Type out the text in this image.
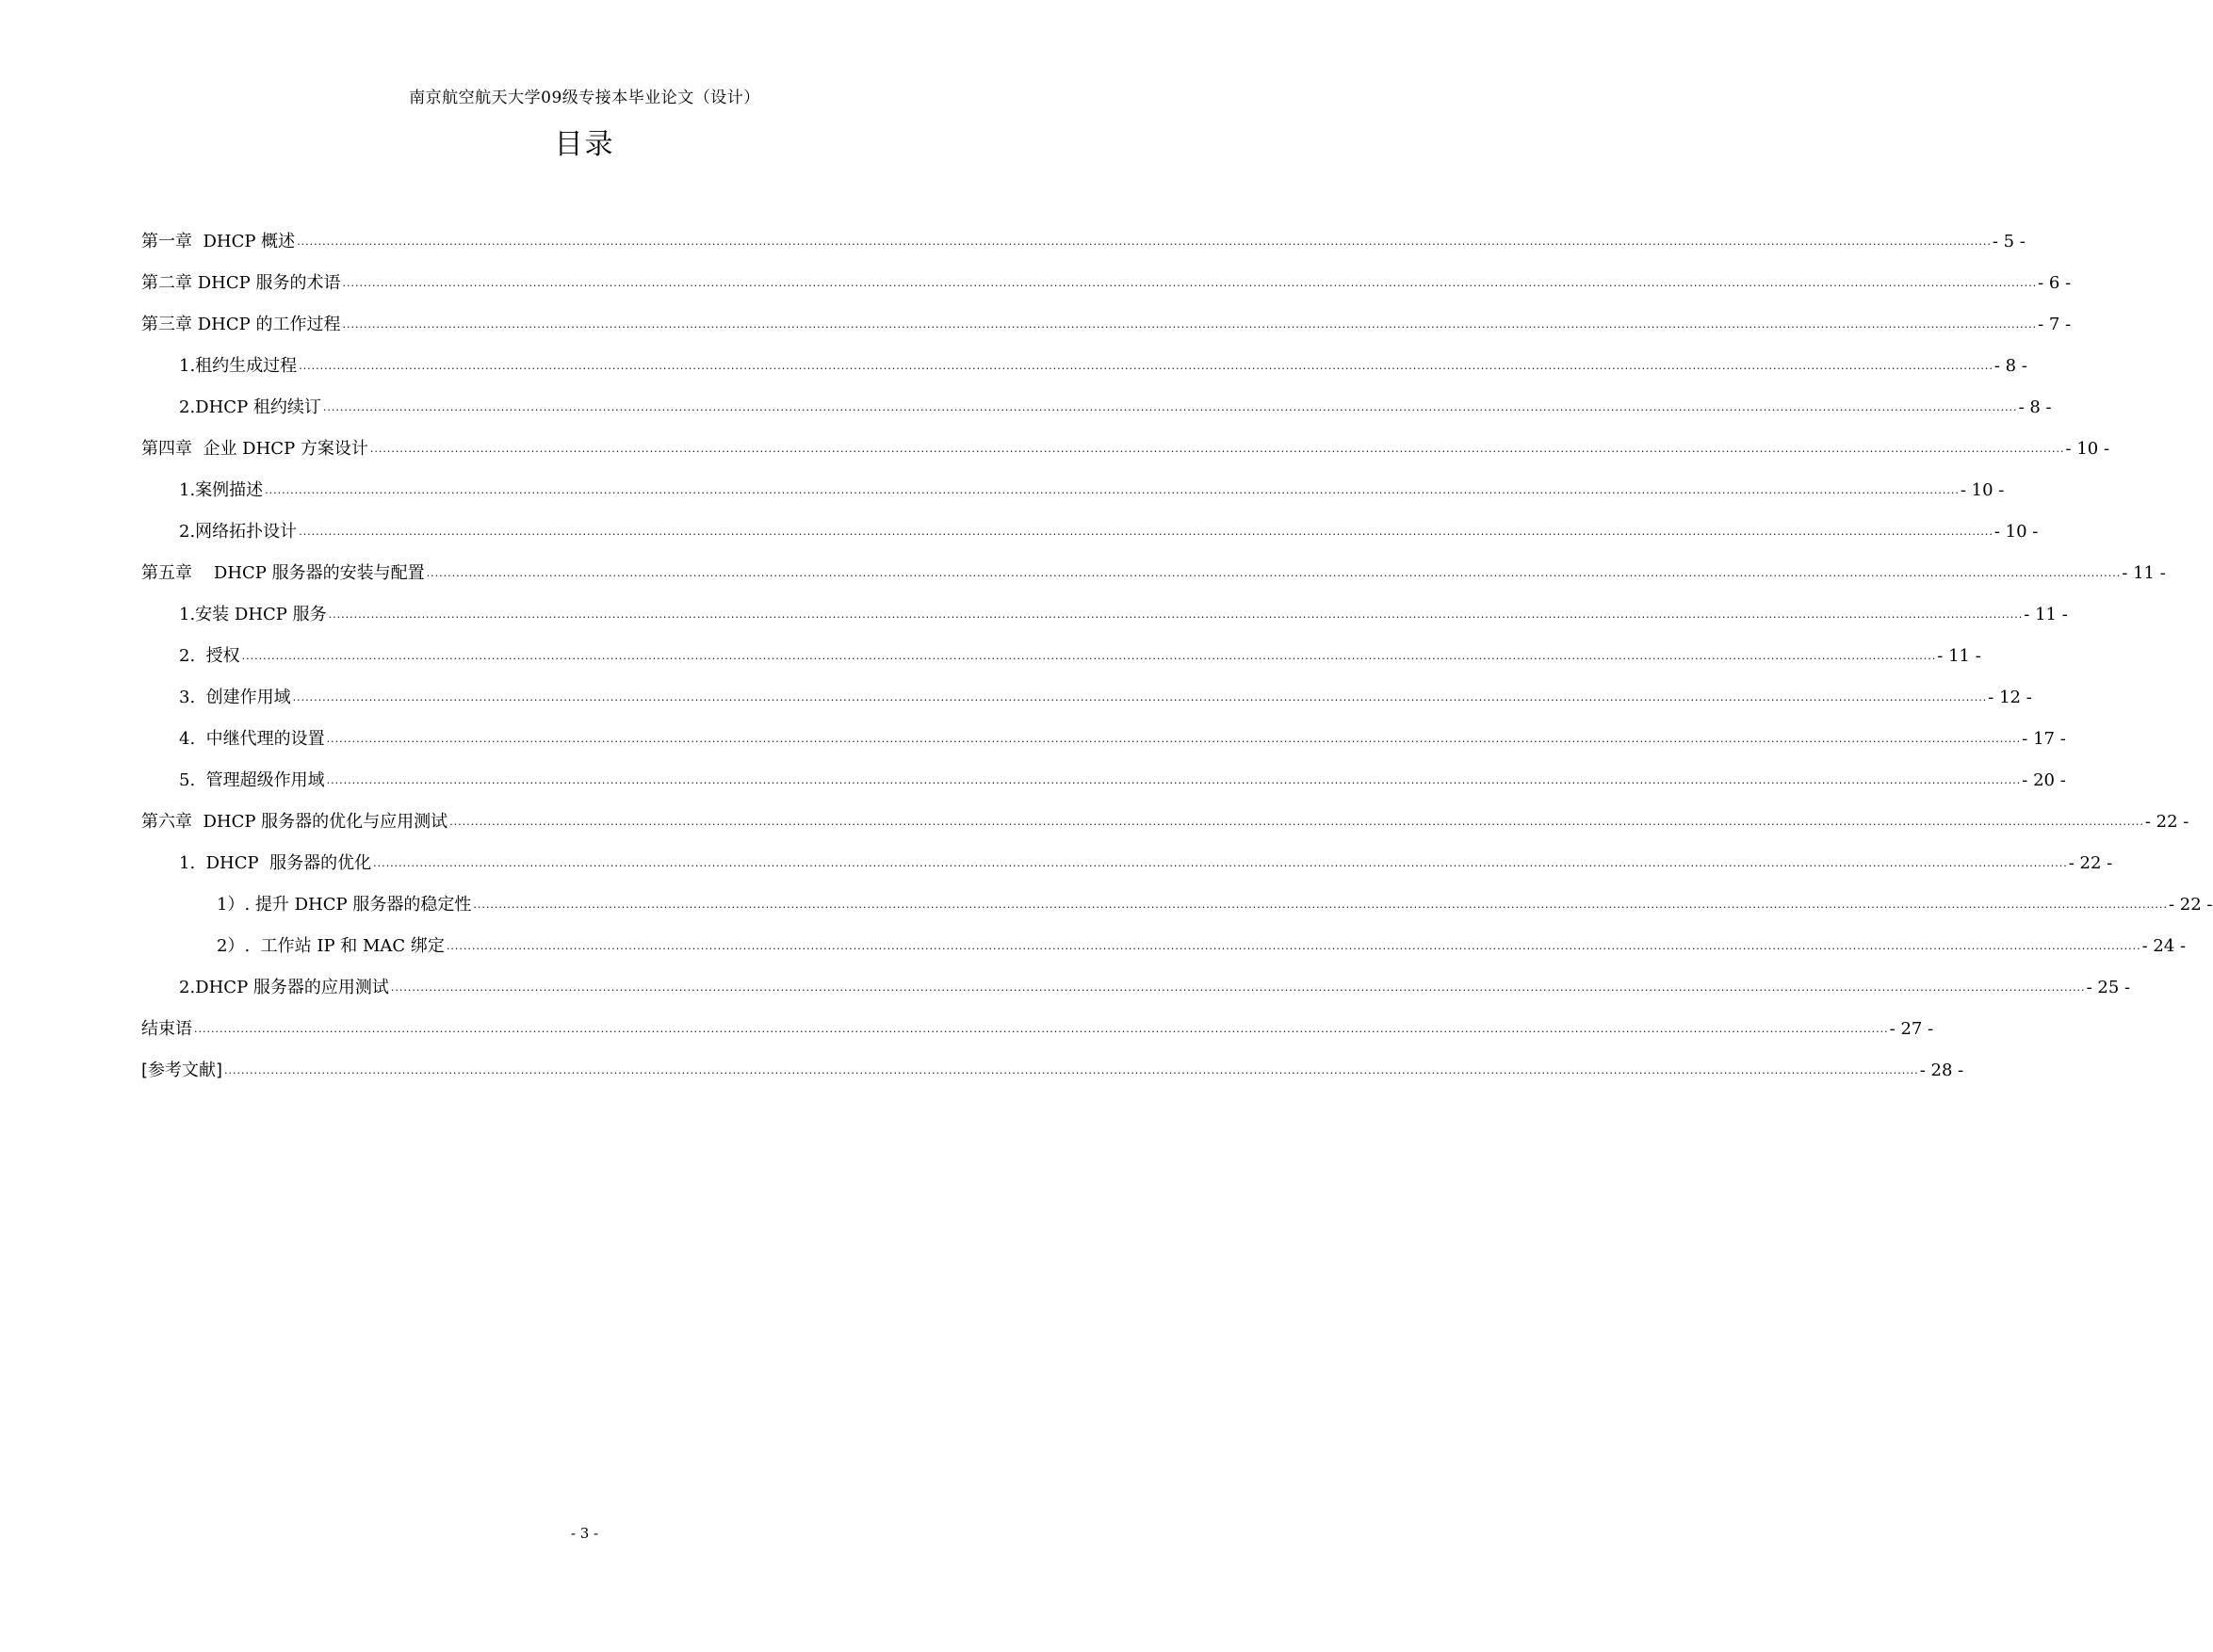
南京航空航天大学09级专接本毕业论文（设计）
目录
第一章  DHCP 概述 ................................................................................................................................................................................................................................................................................................................................................................................................................ - 5 -
第二章 DHCP 服务的术语 ................................................................................................................................................................................................................................................................................................................................................................................................................ - 6 -
第三章 DHCP 的工作过程 ................................................................................................................................................................................................................................................................................................................................................................................................................ - 7 -
1.租约生成过程 ................................................................................................................................................................................................................................................................................................................................................................................................................ - 8 -
2.DHCP 租约续订 ................................................................................................................................................................................................................................................................................................................................................................................................................ - 8 -
第四章  企业 DHCP 方案设计 ................................................................................................................................................................................................................................................................................................................................................................................................................ - 10 -
1.案例描述 ................................................................................................................................................................................................................................................................................................................................................................................................................ - 10 -
2.网络拓扑设计 ................................................................................................................................................................................................................................................................................................................................................................................................................ - 10 -
第五章    DHCP 服务器的安装与配置 ................................................................................................................................................................................................................................................................................................................................................................................................................ - 11 -
1.安装 DHCP 服务 ................................................................................................................................................................................................................................................................................................................................................................................................................ - 11 -
2.  授权 ................................................................................................................................................................................................................................................................................................................................................................................................................ - 11 -
3.  创建作用域 ................................................................................................................................................................................................................................................................................................................................................................................................................ - 12 -
4.  中继代理的设置 ................................................................................................................................................................................................................................................................................................................................................................................................................ - 17 -
5.  管理超级作用域 ................................................................................................................................................................................................................................................................................................................................................................................................................ - 20 -
第六章  DHCP 服务器的优化与应用测试 ................................................................................................................................................................................................................................................................................................................................................................................................................ - 22 -
1.  DHCP  服务器的优化 ................................................................................................................................................................................................................................................................................................................................................................................................................ - 22 -
1）. 提升 DHCP 服务器的稳定性 ................................................................................................................................................................................................................................................................................................................................................................................................................ - 22 -
2）.  工作站 IP 和 MAC 绑定 ................................................................................................................................................................................................................................................................................................................................................................................................................ - 24 -
2.DHCP 服务器的应用测试 ................................................................................................................................................................................................................................................................................................................................................................................................................ - 25 -
结束语 ................................................................................................................................................................................................................................................................................................................................................................................................................ - 27 -
[参考文献] ................................................................................................................................................................................................................................................................................................................................................................................................................ - 28 -
- 3 -
